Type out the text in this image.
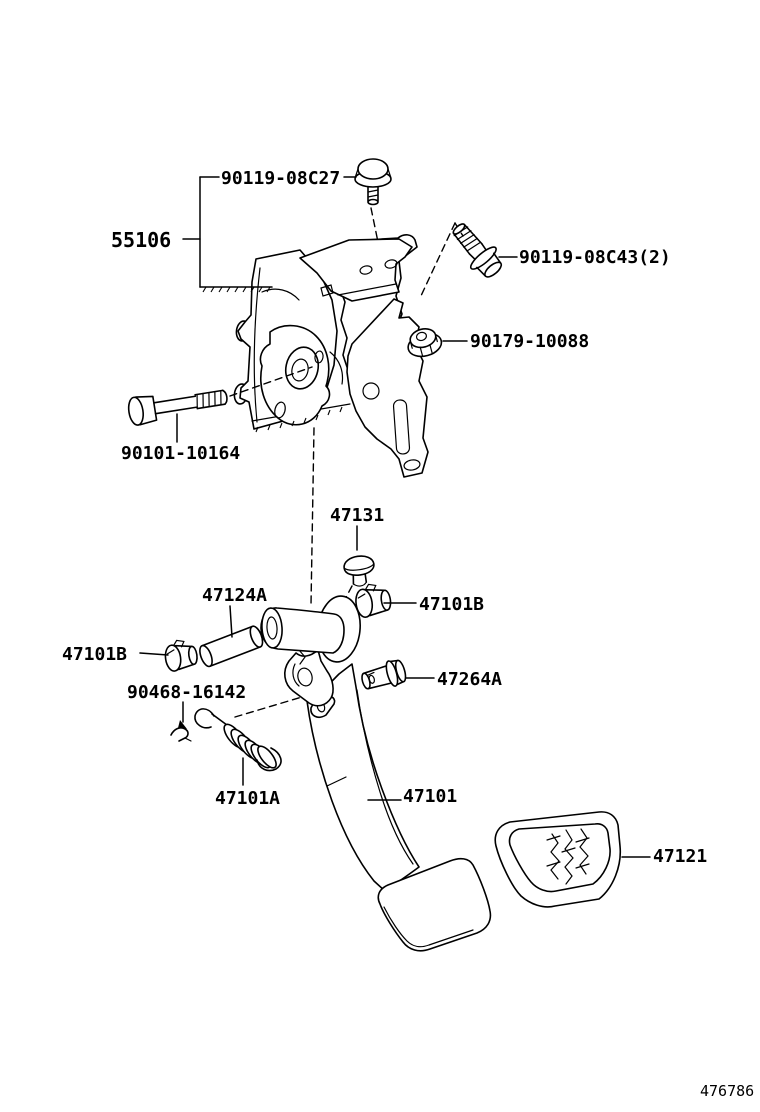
90119-08C27
55106
90119-08C43(2)
90179-10088
90101-10164
47131
47124A	47101B
47101B
90468-16142
47264A
47101A	47101
47121
476786
